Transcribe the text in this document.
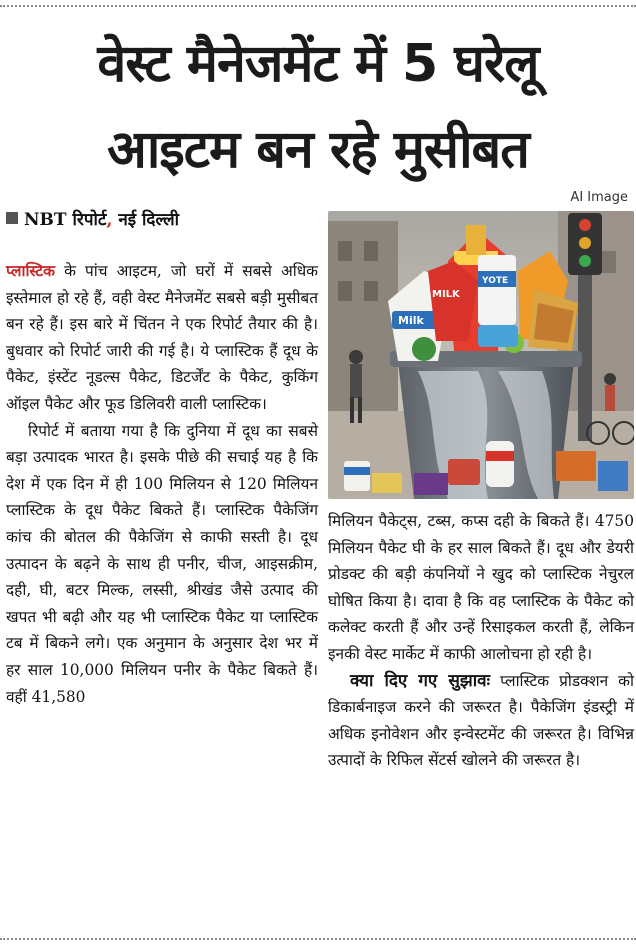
वेस्ट मैनेजमेंट में 5 घरेलू
आइटम बन रहे मुसीबत
AI Image
NBT रिपोर्ट, नई दिल्ली
Milk
MILK
YOTE

प्लास्टिक के पांच आइटम, जो घरों में सबसे अधिक इस्तेमाल हो रहे हैं, वही वेस्ट मैनेजमेंट सबसे बड़ी मुसीबत बन रहे हैं। इस बारे में चिंतन ने एक रिपोर्ट तैयार की है। बुधवार को रिपोर्ट जारी की गई है। ये प्लास्टिक हैं दूध के पैकेट, इंस्टेंट नूडल्स पैकेट, डिटर्जेंट के पैकेट, कुकिंग ऑइल पैकेट और फूड डिलिवरी वाली प्लास्टिक।

रिपोर्ट में बताया गया है कि दुनिया में दूध का सबसे बड़ा उत्पादक भारत है। इसके पीछे की सचाई यह है कि देश में एक दिन में ही 100 मिलियन से 120 मिलियन प्लास्टिक के दूध पैकेट बिकते हैं। प्लास्टिक पैकेजिंग कांच की बोतल की पैकेजिंग से काफी सस्ती है। दूध उत्पादन के बढ़ने के साथ ही पनीर, चीज, आइसक्रीम, दही, घी, बटर मिल्क, लस्सी, श्रीखंड जैसे उत्पाद की खपत भी बढ़ी और यह भी प्लास्टिक पैकेट या प्लास्टिक टब में बिकने लगे। एक अनुमान के अनुसार देश भर में हर साल 10,000 मिलियन पनीर के पैकेट बिकते हैं। वहीं 41,580

मिलियन पैकेट्स, टब्स, कप्स दही के बिकते हैं। 4750 मिलियन पैकेट घी के हर साल बिकते हैं। दूध और डेयरी प्रोडक्ट की बड़ी कंपनियों ने खुद को प्लास्टिक नेचुरल घोषित किया है। दावा है कि वह प्लास्टिक के पैकेट को कलेक्ट करती हैं और उन्हें रिसाइकल करती हैं, लेकिन इनकी वेस्ट मार्केट में काफी आलोचना हो रही है।

क्या दिए गए सुझावः प्लास्टिक प्रोडक्शन को डिकार्बनाइज करने की जरूरत है। पैकेजिंग इंडस्ट्री में अधिक इनोवेशन और इन्वेस्टमेंट की जरूरत है। विभिन्न उत्पादों के रिफिल सेंटर्स खोलने की जरूरत है।
